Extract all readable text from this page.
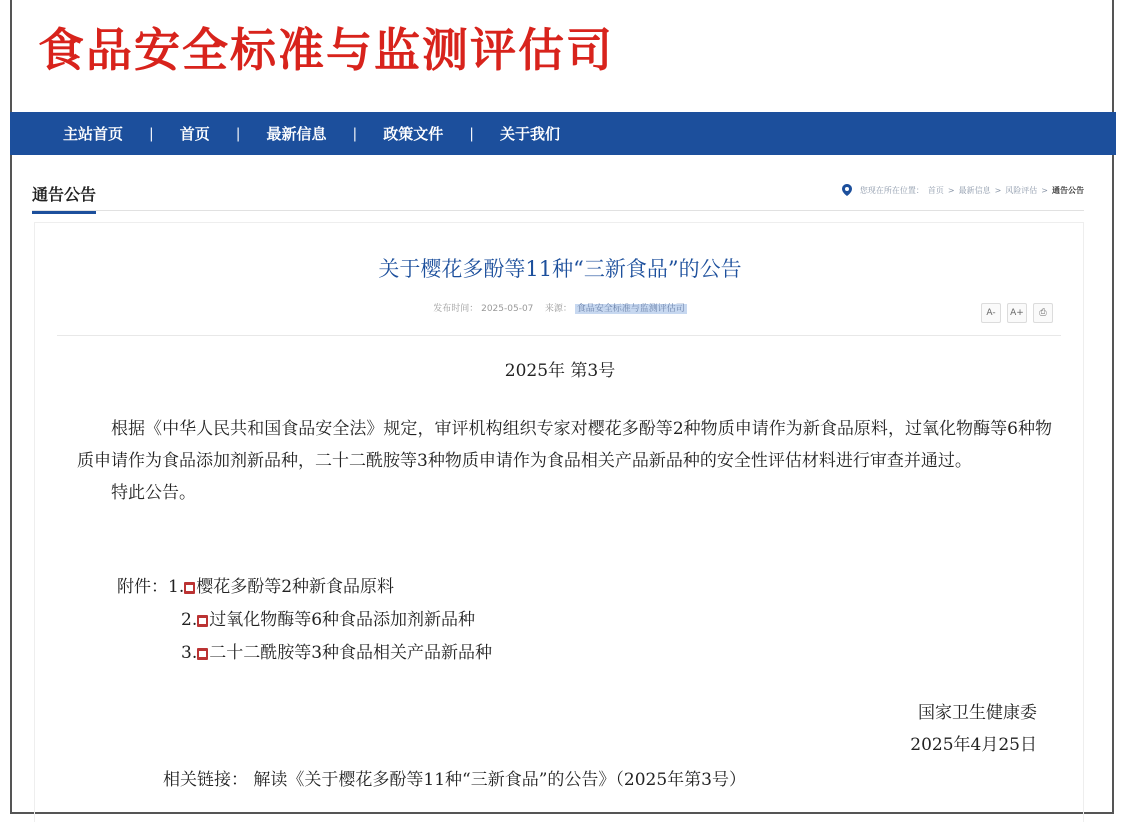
食品安全标准与监测评估司
主站首页 | 首页 | 最新信息 | 政策文件 | 关于我们
通告公告	您现在所在位置： 首页 > 最新信息 > 风险评估 > 通告公告
关于樱花多酚等11种“三新食品”的公告
发布时间： 2025-05-07 来源： 食品安全标准与监测评估司	A-	A+	⎙
2025年 第3号

根据《中华人民共和国食品安全法》规定，审评机构组织专家对樱花多酚等2种物质申请作为新食品原料，过氧化物酶等6种物质申请作为食品添加剂新品种，二十二酰胺等3种物质申请作为食品相关产品新品种的安全性评估材料进行审查并通过。

特此公告。

附件： 1. 樱花多酚等2种新食品原料
2. 过氧化物酶等6种食品添加剂新品种
3. 二十二酰胺等3种食品相关产品新品种
国家卫生健康委
2025年4月25日
相关链接： 解读《关于樱花多酚等11种“三新食品”的公告》（2025年第3号）
